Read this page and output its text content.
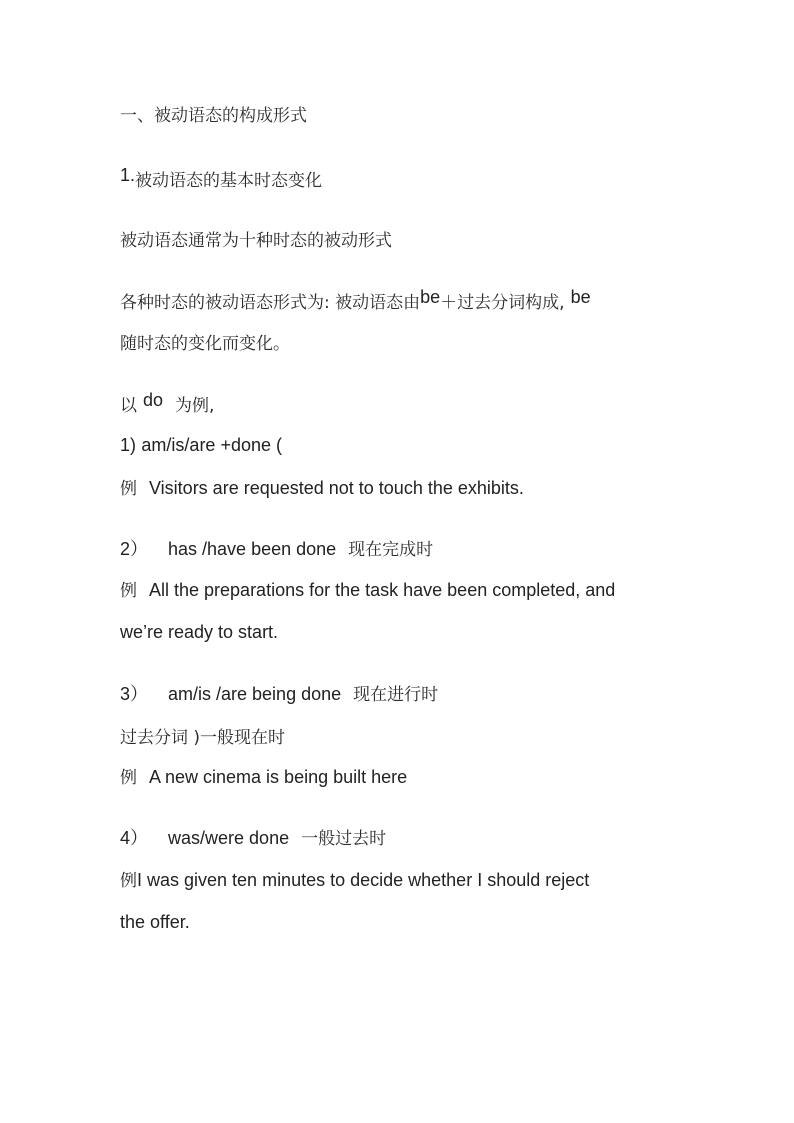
一、被动语态的构成形式
1.被动语态的基本时态变化
被动语态通常为十种时态的被动形式
各种时态的被动语态形式为: 被动语态由be＋过去分词构成, be
随时态的变化而变化。
以 do 为例,
1) am/is/are +done (
例 Visitors are requested not to touch the exhibits.
2） has /have been done 现在完成时
例 All the preparations for the task have been completed, and
we’re ready to start.
3） am/is /are being done 现在进行时
过去分词 )一般现在时
例 A new cinema is being built here
4） was/were done 一般过去时
例I was given ten minutes to decide whether I should reject
the offer.
